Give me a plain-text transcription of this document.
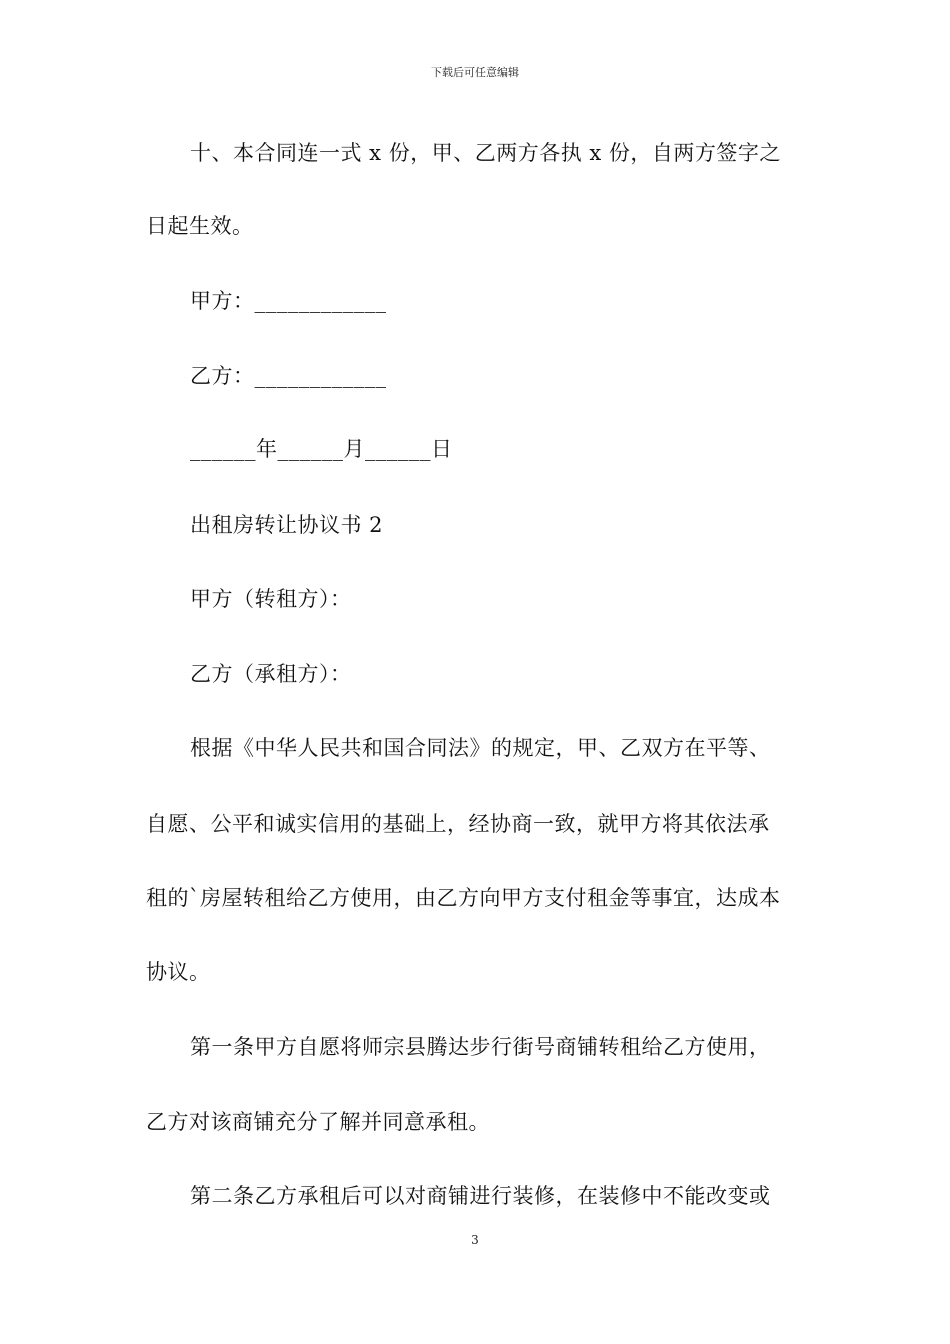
下载后可任意编辑
十、本合同连一式 x 份，甲、乙两方各执 x 份，自两方签字之
日起生效。
甲方：____________
乙方：____________
______年______月______日
出租房转让协议书 2
甲方（转租方）：
乙方（承租方）：
根据《中华人民共和国合同法》的规定，甲、乙双方在平等、
自愿、公平和诚实信用的基础上，经协商一致，就甲方将其依法承
租的`房屋转租给乙方使用，由乙方向甲方支付租金等事宜，达成本
协议。
第一条甲方自愿将师宗县腾达步行街号商铺转租给乙方使用，
乙方对该商铺充分了解并同意承租。
第二条乙方承租后可以对商铺进行装修，在装修中不能改变或
3
